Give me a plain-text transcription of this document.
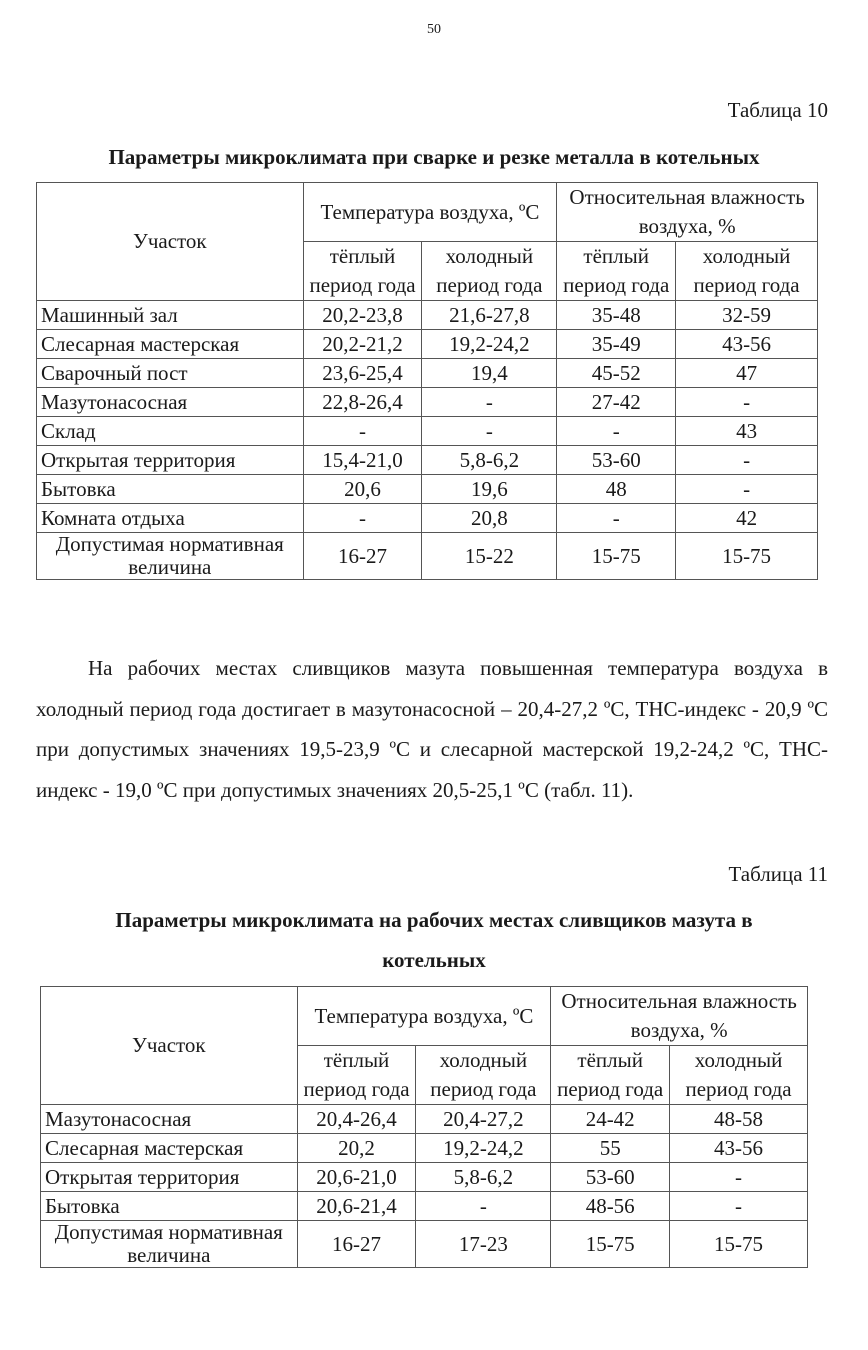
50
Таблица 10
Параметры микроклимата при сварке и резке металла в котельных
Участок	Температура воздуха, ºС		Относительная влажность воздуха, %	
	тёплый период года	холодный период года	тёплый период года	холодный период года
Машинный зал	20,2-23,8	21,6-27,8	35-48	32-59
Слесарная мастерская	20,2-21,2	19,2-24,2	35-49	43-56
Сварочный пост	23,6-25,4	19,4	45-52	47
Мазутонасосная	22,8-26,4	-	27-42	-
Склад	-	-	-	43
Открытая территория	15,4-21,0	5,8-6,2	53-60	-
Бытовка	20,6	19,6	48	-
Комната отдыха	-	20,8	-	42
Допустимая нормативная величина	16-27	15-22	15-75	15-75

На рабочих местах сливщиков мазута повышенная температура воздуха в холодный период года достигает в мазутонасосной – 20,4-27,2 ºС, ТНС-индекс - 20,9 ºС при допустимых значениях 19,5-23,9 ºС и слесарной мастерской 19,2-24,2 ºС, ТНС-индекс - 19,0 ºС при допустимых значениях 20,5-25,1 ºС (табл. 11).

Таблица 11
Параметры микроклимата на рабочих местах сливщиков мазута в котельных
Участок	Температура воздуха, ºС		Относительная влажность воздуха, %	
	тёплый период года	холодный период года	тёплый период года	холодный период года
Мазутонасосная	20,4-26,4	20,4-27,2	24-42	48-58
Слесарная мастерская	20,2	19,2-24,2	55	43-56
Открытая территория	20,6-21,0	5,8-6,2	53-60	-
Бытовка	20,6-21,4	-	48-56	-
Допустимая нормативная величина	16-27	17-23	15-75	15-75
